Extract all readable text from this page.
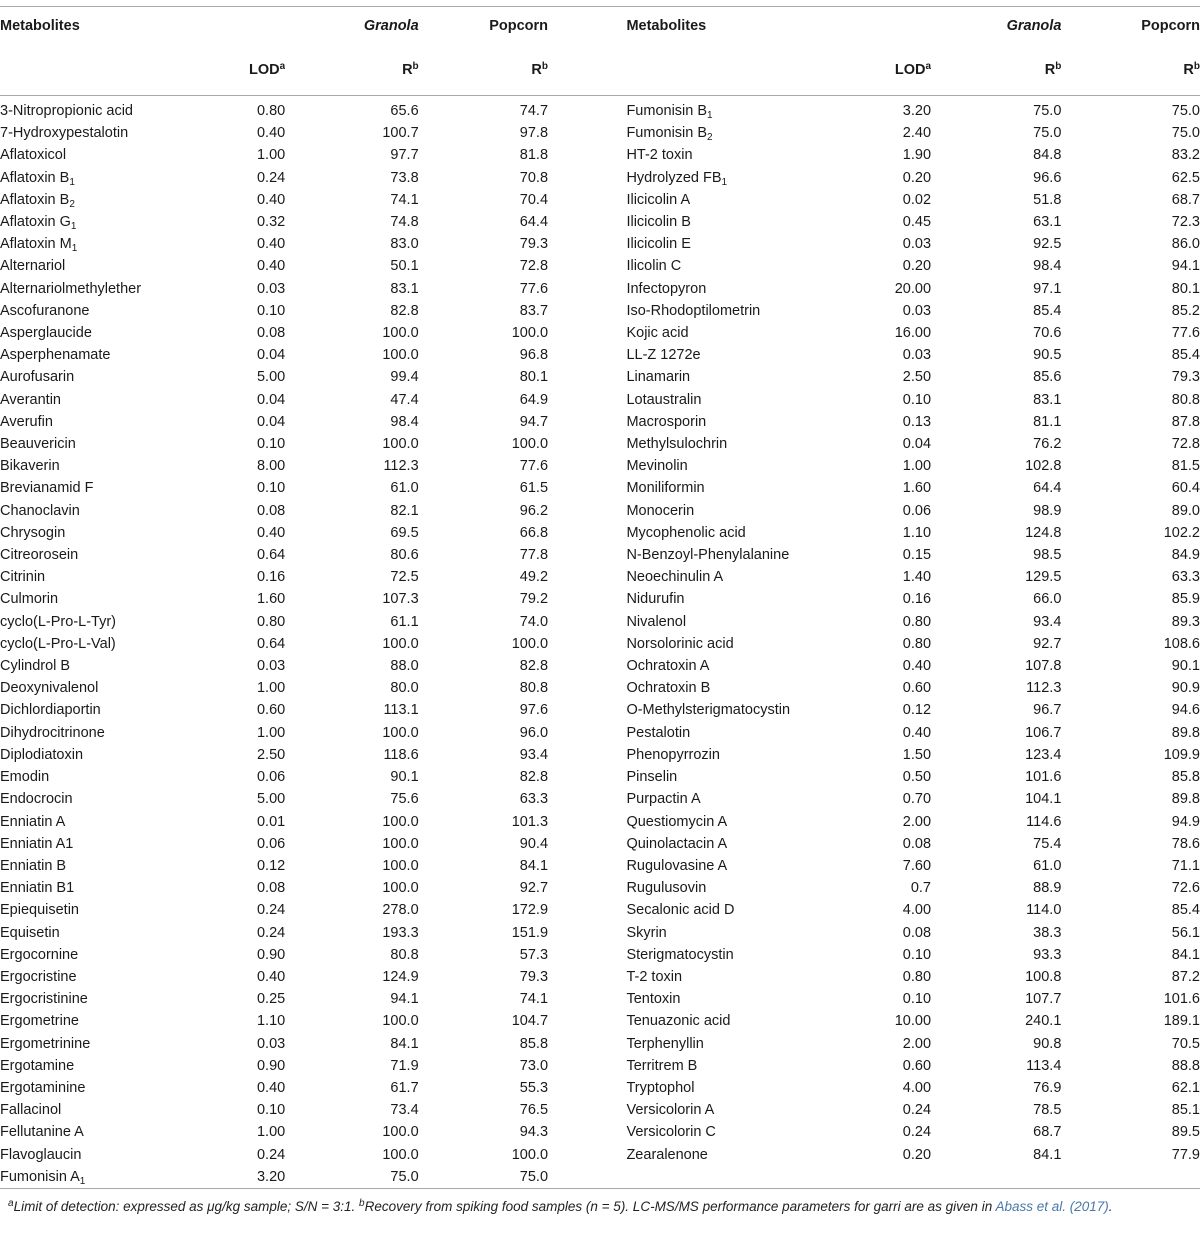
Metabolites		Granola	Popcorn		Metabolites		Granola	Popcorn
	LOD$^a$	$R^b$	$R^b$			LOD$^a$	$R^b$	$R^b$
3-Nitropropionic acid	0.80	65.6	74.7		Fumonisin $B_1$	3.20	75.0	75.0
7-Hydroxypestalotin	0.40	100.7	97.8		Fumonisin $B_2$	2.40	75.0	75.0
Aflatoxicol	1.00	97.7	81.8		HT-2 toxin	1.90	84.8	83.2
Aflatoxin $B_1$	0.24	73.8	70.8		Hydrolyzed $FB_1$	0.20	96.6	62.5
Aflatoxin $B_2$	0.40	74.1	70.4		Ilicicolin A	0.02	51.8	68.7
Aflatoxin $G_1$	0.32	74.8	64.4		Ilicicolin B	0.45	63.1	72.3
Aflatoxin $M_1$	0.40	83.0	79.3		Ilicicolin E	0.03	92.5	86.0
Alternariol	0.40	50.1	72.8		Ilicolin C	0.20	98.4	94.1
Alternariolmethylether	0.03	83.1	77.6		Infectopyron	20.00	97.1	80.1
Ascofuranone	0.10	82.8	83.7		Iso-Rhodoptilometrin	0.03	85.4	85.2
Asperglaucide	0.08	100.0	100.0		Kojic acid	16.00	70.6	77.6
Asperphenamate	0.04	100.0	96.8		LL-Z 1272e	0.03	90.5	85.4
Aurofusarin	5.00	99.4	80.1		Linamarin	2.50	85.6	79.3
Averantin	0.04	47.4	64.9		Lotaustralin	0.10	83.1	80.8
Averufin	0.04	98.4	94.7		Macrosporin	0.13	81.1	87.8
Beauvericin	0.10	100.0	100.0		Methylsulochrin	0.04	76.2	72.8
Bikaverin	8.00	112.3	77.6		Mevinolin	1.00	102.8	81.5
Brevianamid F	0.10	61.0	61.5		Moniliformin	1.60	64.4	60.4
Chanoclavin	0.08	82.1	96.2		Monocerin	0.06	98.9	89.0
Chrysogin	0.40	69.5	66.8		Mycophenolic acid	1.10	124.8	102.2
Citreorosein	0.64	80.6	77.8		N-Benzoyl-Phenylalanine	0.15	98.5	84.9
Citrinin	0.16	72.5	49.2		Neoechinulin A	1.40	129.5	63.3
Culmorin	1.60	107.3	79.2		Nidurufin	0.16	66.0	85.9
cyclo(L-Pro-L-Tyr)	0.80	61.1	74.0		Nivalenol	0.80	93.4	89.3
cyclo(L-Pro-L-Val)	0.64	100.0	100.0		Norsolorinic acid	0.80	92.7	108.6
Cylindrol B	0.03	88.0	82.8		Ochratoxin A	0.40	107.8	90.1
Deoxynivalenol	1.00	80.0	80.8		Ochratoxin B	0.60	112.3	90.9
Dichlordiaportin	0.60	113.1	97.6		O-Methylsterigmatocystin	0.12	96.7	94.6
Dihydrocitrinone	1.00	100.0	96.0		Pestalotin	0.40	106.7	89.8
Diplodiatoxin	2.50	118.6	93.4		Phenopyrrozin	1.50	123.4	109.9
Emodin	0.06	90.1	82.8		Pinselin	0.50	101.6	85.8
Endocrocin	5.00	75.6	63.3		Purpactin A	0.70	104.1	89.8
Enniatin A	0.01	100.0	101.3		Questiomycin A	2.00	114.6	94.9
Enniatin A1	0.06	100.0	90.4		Quinolactacin A	0.08	75.4	78.6
Enniatin B	0.12	100.0	84.1		Rugulovasine A	7.60	61.0	71.1
Enniatin B1	0.08	100.0	92.7		Rugulusovin	0.7	88.9	72.6
Epiequisetin	0.24	278.0	172.9		Secalonic acid D	4.00	114.0	85.4
Equisetin	0.24	193.3	151.9		Skyrin	0.08	38.3	56.1
Ergocornine	0.90	80.8	57.3		Sterigmatocystin	0.10	93.3	84.1
Ergocristine	0.40	124.9	79.3		T-2 toxin	0.80	100.8	87.2
Ergocristinine	0.25	94.1	74.1		Tentoxin	0.10	107.7	101.6
Ergometrine	1.10	100.0	104.7		Tenuazonic acid	10.00	240.1	189.1
Ergometrinine	0.03	84.1	85.8		Terphenyllin	2.00	90.8	70.5
Ergotamine	0.90	71.9	73.0		Territrem B	0.60	113.4	88.8
Ergotaminine	0.40	61.7	55.3		Tryptophol	4.00	76.9	62.1
Fallacinol	0.10	73.4	76.5		Versicolorin A	0.24	78.5	85.1
Fellutanine A	1.00	100.0	94.3		Versicolorin C	0.24	68.7	89.5
Flavoglaucin	0.24	100.0	100.0		Zearalenone	0.20	84.1	77.9
Fumonisin $A_1$	3.20	75.0	75.0					
$^a$Limit of detection: expressed as μg/kg sample; S/N = 3:1. $^b$Recovery from spiking food samples (n = 5). LC-MS/MS performance parameters for garri are as given in Abass et al. (2017).
